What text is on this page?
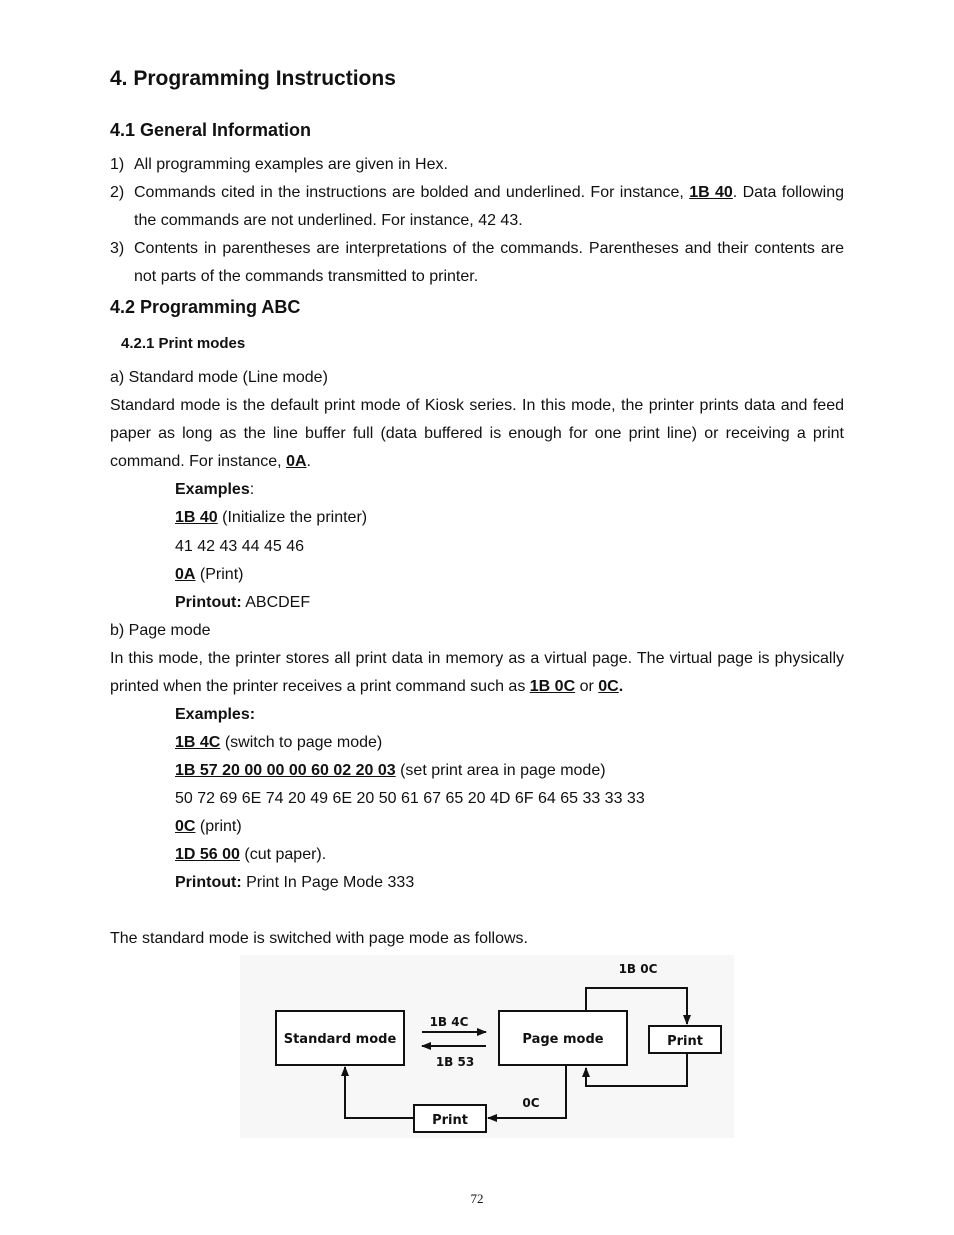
4. Programming Instructions
4.1 General Information
1) All programming examples are given in Hex.
2) Commands cited in the instructions are bolded and underlined. For instance, 1B 40. Data following
the commands are not underlined. For instance, 42 43.
3) Contents in parentheses are interpretations of the commands. Parentheses and their contents are
not parts of the commands transmitted to printer.
4.2 Programming ABC
4.2.1 Print modes
a) Standard mode (Line mode)
Standard mode is the default print mode of Kiosk series. In this mode, the printer prints data and feed
paper as long as the line buffer full (data buffered is enough for one print line) or receiving a print
command. For instance, 0A.
Examples:
1B 40 (Initialize the printer)
41 42 43 44 45 46
0A (Print)
Printout: ABCDEF
b) Page mode
In this mode, the printer stores all print data in memory as a virtual page. The virtual page is physically
printed when the printer receives a print command such as 1B 0C or 0C.
Examples:
1B 4C (switch to page mode)
1B 57 20 00 00 00 60 02 20 03 (set print area in page mode)
50 72 69 6E 74 20 49 6E 20 50 61 67 65 20 4D 6F 64 65 33 33 33
0C (print)
1D 56 00 (cut paper).
Printout: Print In Page Mode 333
The standard mode is switched with page mode as follows.
Standard mode	Page mode	Print
Print
1B 4C
1B 53
1B 0C
0C
72
